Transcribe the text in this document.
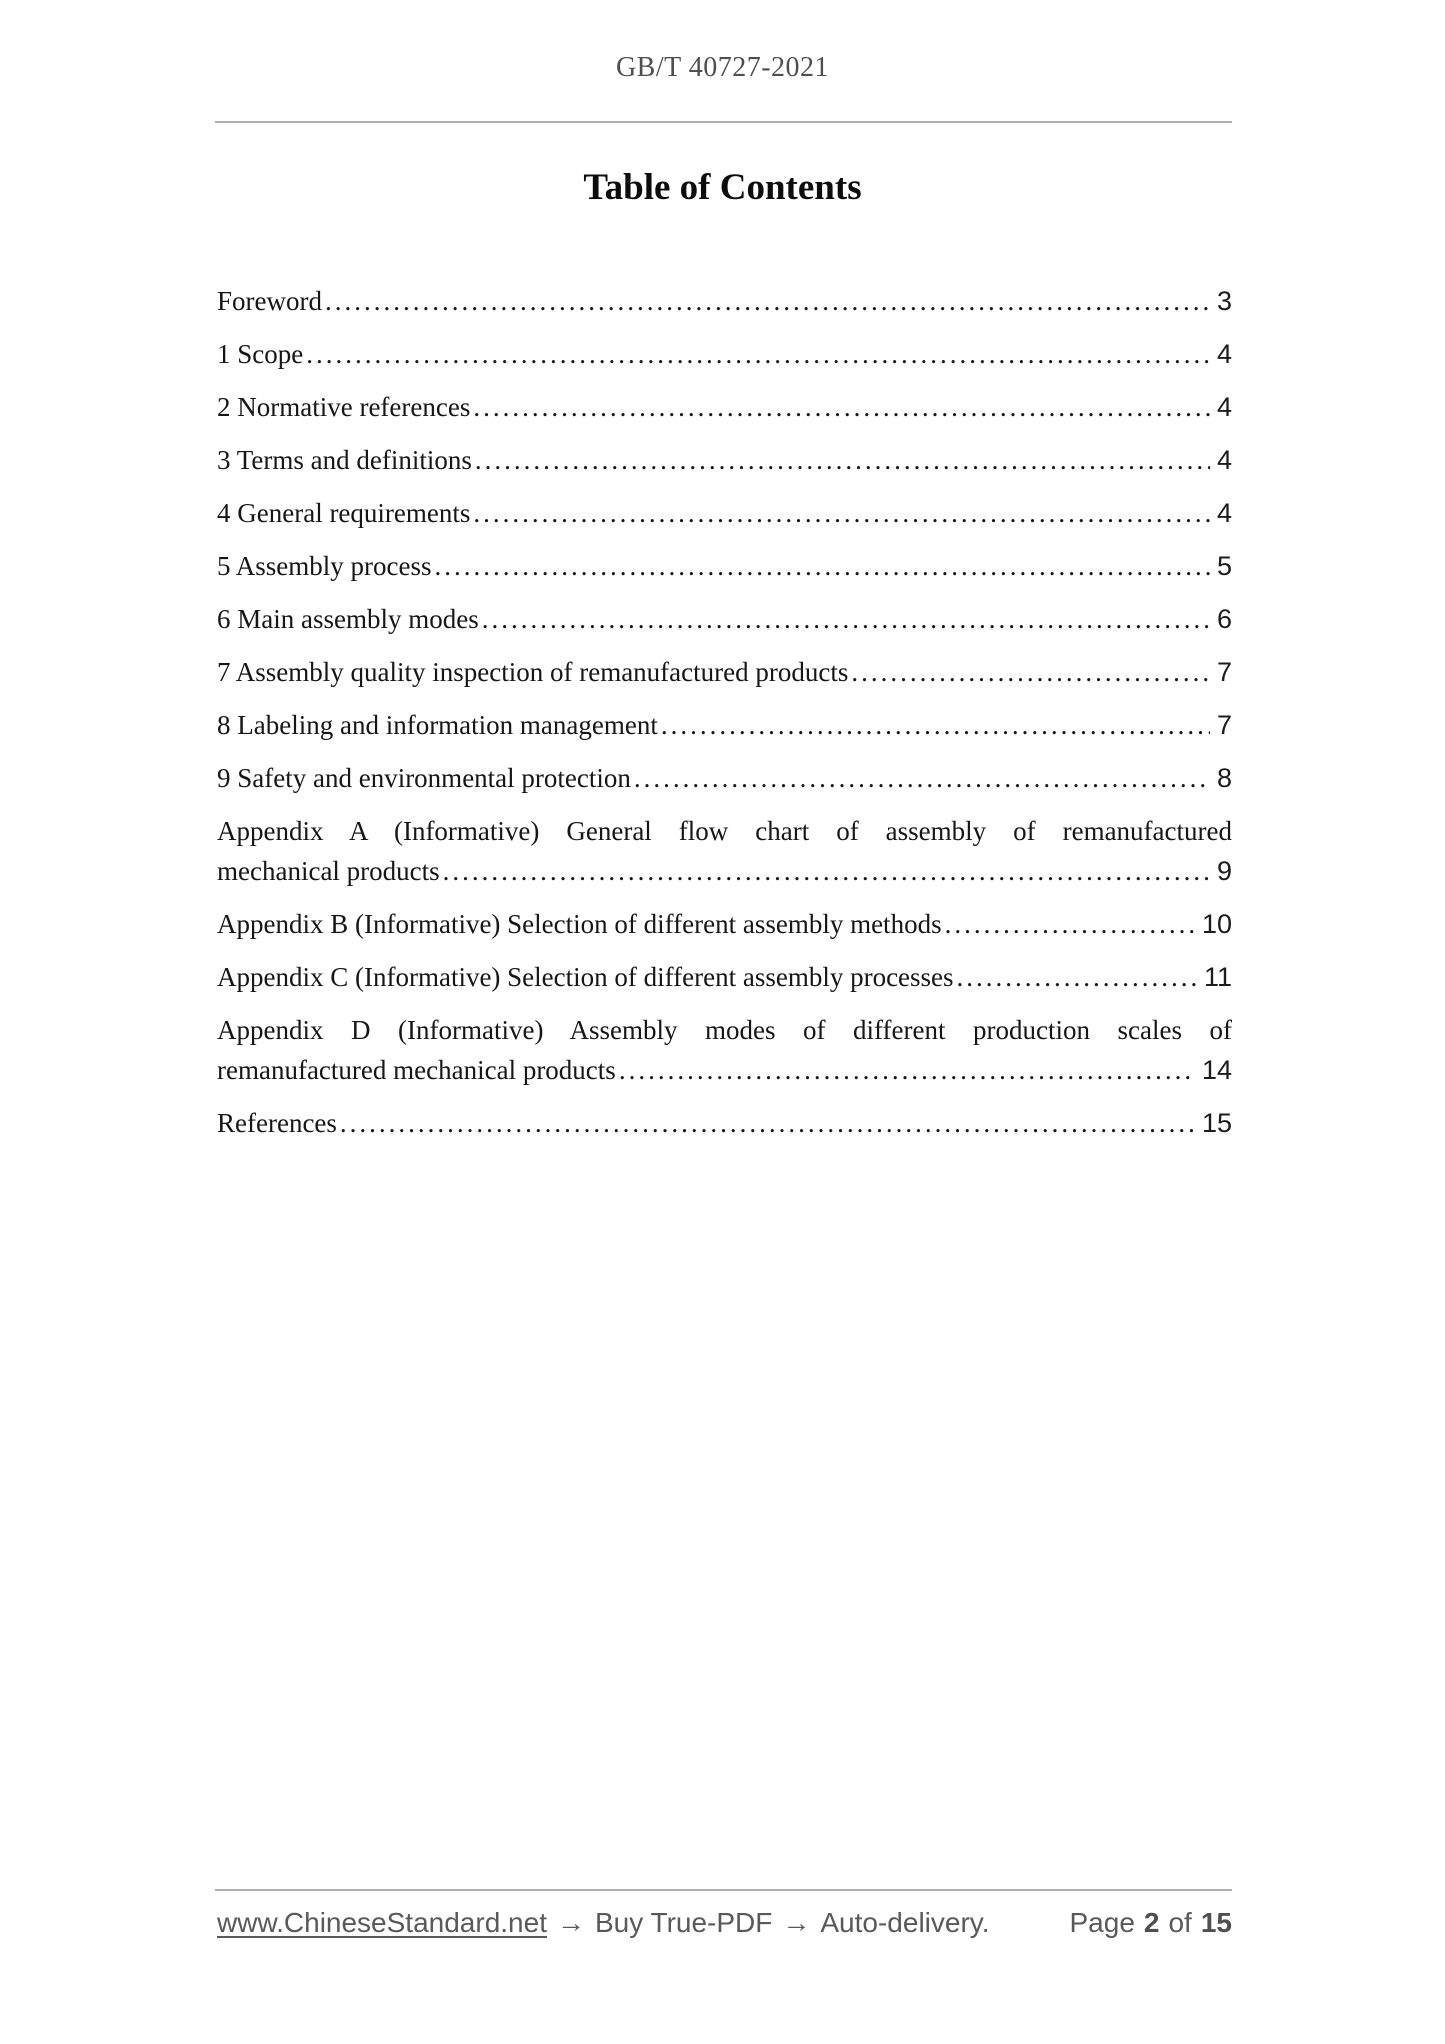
GB/T 40727-2021
Table of Contents
Foreword .....	3
1 Scope .....	4
2 Normative references .....	4
3 Terms and definitions .....	4
4 General requirements .....	4
5 Assembly process .....	5
6 Main assembly modes .....	6
7 Assembly quality inspection of remanufactured products .....	7
8 Labeling and information management .....	7
9 Safety and environmental protection .....	8
Appendix A (Informative) General flow chart of assembly of remanufactured
mechanical products .....	9
Appendix B (Informative) Selection of different assembly methods .....	10
Appendix C (Informative) Selection of different assembly processes .....	11
Appendix D (Informative) Assembly modes of different production scales of
remanufactured mechanical products .....	14
References .....	15
www.ChineseStandard.net → Buy True-PDF → Auto-delivery.	Page 2 of 15
